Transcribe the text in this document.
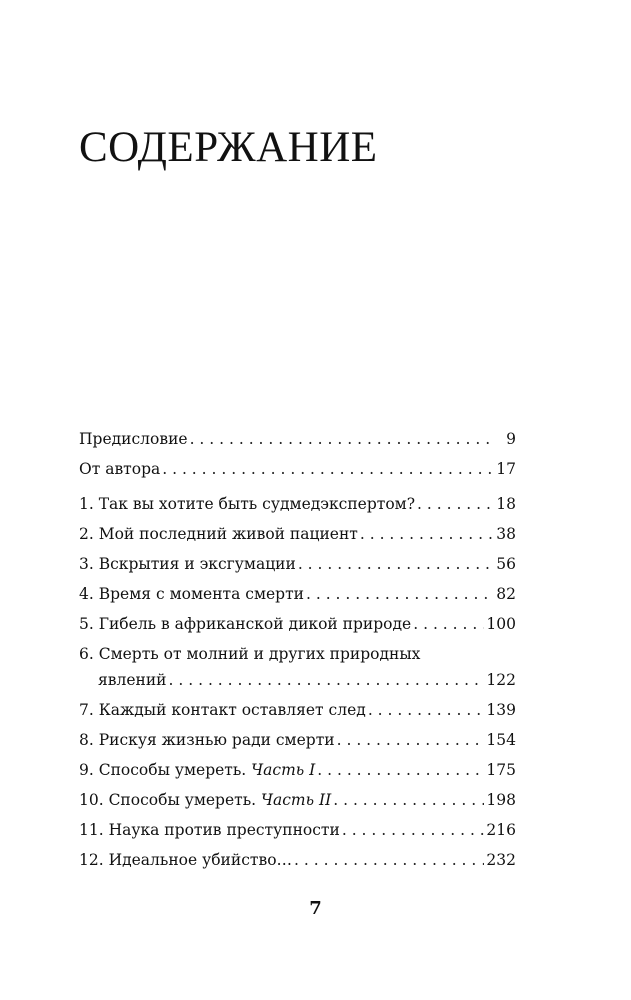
СОДЕРЖАНИЕ
Предисловие . . .	9
От автора . . .	17
1. Так вы хотите быть судмедэкспертом? . . .	18
2. Мой последний живой пациент . . .	38
3. Вскрытия и эксгумации . . .	56
4. Время с момента смерти . . .	82
5. Гибель в африканской дикой природе . . .	100
6. Смерть от молний и других природных
явлений . . .	122
7. Каждый контакт оставляет след . . .	139
8. Рискуя жизнью ради смерти . . .	154
9. Способы умереть. Часть I . . .	175
10. Способы умереть. Часть II . . .	198
11. Наука против преступности . . .	216
12. Идеальное убийство… . . .	232
7
